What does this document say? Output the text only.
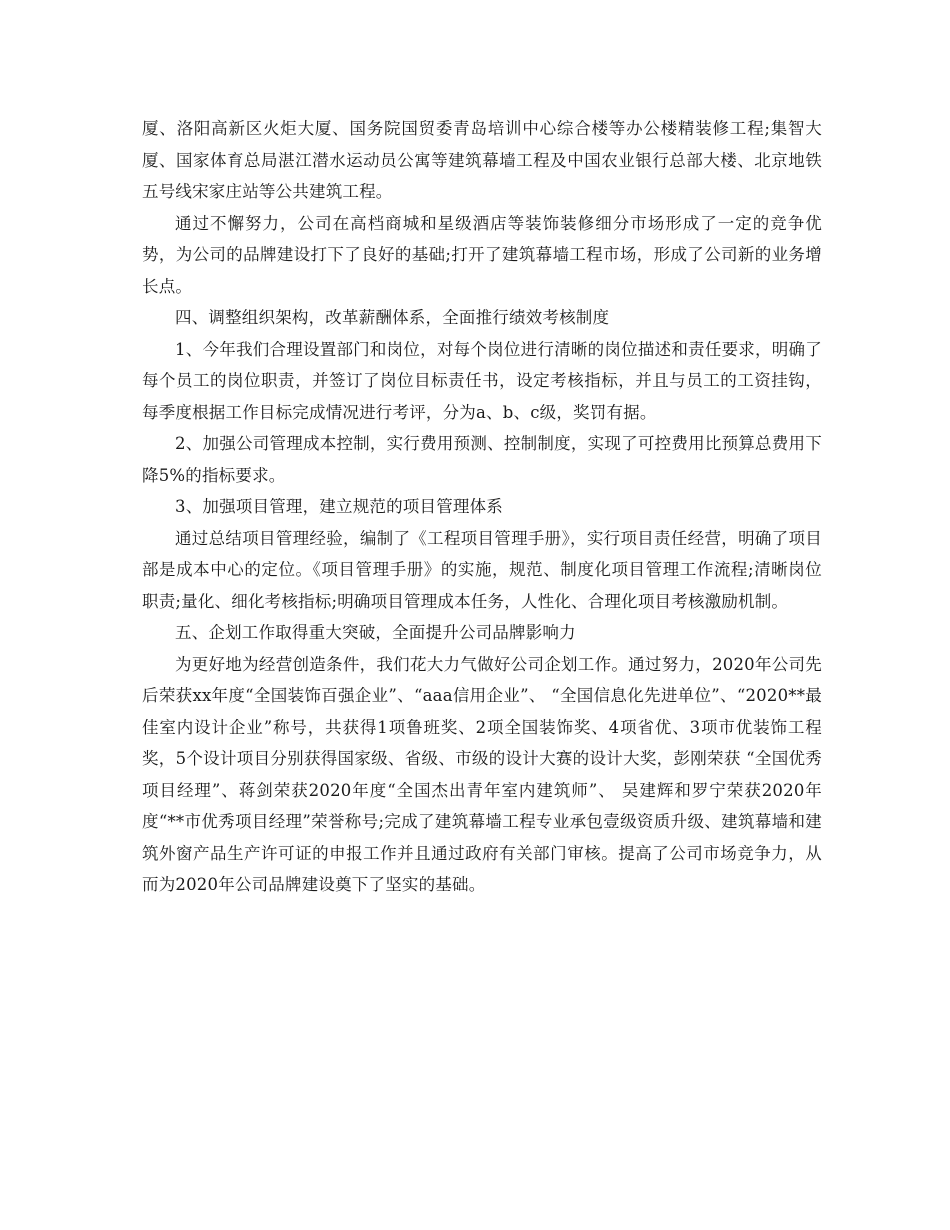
厦、洛阳高新区火炬大厦、国务院国贸委青岛培训中心综合楼等办公楼精装修工程;集智大厦、国家体育总局湛江潜水运动员公寓等建筑幕墙工程及中国农业银行总部大楼、北京地铁五号线宋家庄站等公共建筑工程。

通过不懈努力，公司在高档商城和星级酒店等装饰装修细分市场形成了一定的竞争优势，为公司的品牌建设打下了良好的基础;打开了建筑幕墙工程市场，形成了公司新的业务增长点。

四、调整组织架构，改革薪酬体系，全面推行绩效考核制度

1、今年我们合理设置部门和岗位，对每个岗位进行清晰的岗位描述和责任要求，明确了每个员工的岗位职责，并签订了岗位目标责任书，设定考核指标，并且与员工的工资挂钩，每季度根据工作目标完成情况进行考评，分为a、b、c级，奖罚有据。

2、加强公司管理成本控制，实行费用预测、控制制度，实现了可控费用比预算总费用下降5%的指标要求。

3、加强项目管理，建立规范的项目管理体系

通过总结项目管理经验，编制了《工程项目管理手册》，实行项目责任经营，明确了项目部是成本中心的定位。《项目管理手册》的实施，规范、制度化项目管理工作流程;清晰岗位职责;量化、细化考核指标;明确项目管理成本任务，人性化、合理化项目考核激励机制。

五、企划工作取得重大突破，全面提升公司品牌影响力

为更好地为经营创造条件，我们花大力气做好公司企划工作。通过努力，2020年公司先后荣获xx年度“全国装饰百强企业”、“aaa信用企业”、 “全国信息化先进单位”、“2020**最佳室内设计企业”称号，共获得1项鲁班奖、2项全国装饰奖、4项省优、3项市优装饰工程奖，5个设计项目分别获得国家级、省级、市级的设计大赛的设计大奖，彭刚荣获 “全国优秀项目经理”、蒋剑荣获2020年度“全国杰出青年室内建筑师”、 吴建辉和罗宁荣获2020年度“**市优秀项目经理”荣誉称号;完成了建筑幕墙工程专业承包壹级资质升级、建筑幕墙和建筑外窗产品生产许可证的申报工作并且通过政府有关部门审核。提高了公司市场竞争力，从而为2020年公司品牌建设奠下了坚实的基础。
